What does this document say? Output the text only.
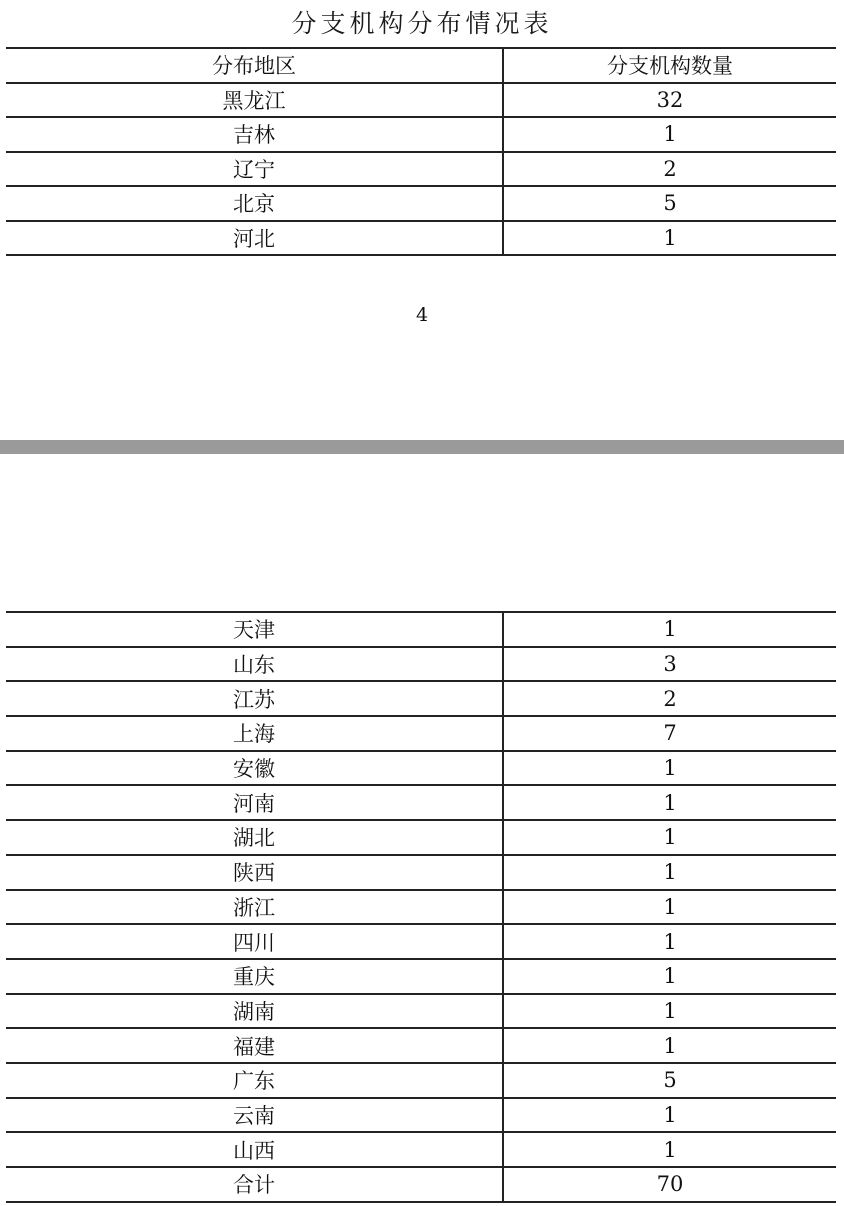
分支机构分布情况表
分布地区	分支机构数量
黑龙江	32
吉林	1
辽宁	2
北京	5
河北	1
4
天津	1
山东	3
江苏	2
上海	7
安徽	1
河南	1
湖北	1
陕西	1
浙江	1
四川	1
重庆	1
湖南	1
福建	1
广东	5
云南	1
山西	1
合计	70
